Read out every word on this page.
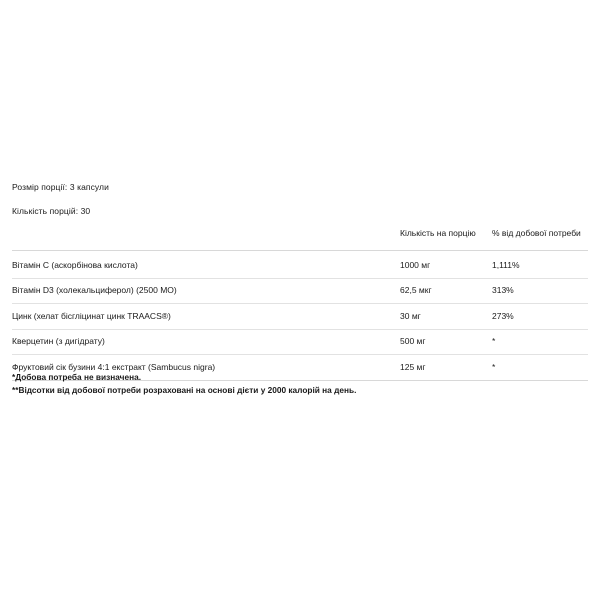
Розмір порції: 3 капсули
Кількість порцій: 30
	Кількість на порцію	% від добової потреби
Вітамін C (аскорбінова кислота)	1000 мг	1,111%
Вітамін D3 (холекальциферол) (2500 МО)	62,5 мкг	313%
Цинк (хелат бісгліцинат цинк TRAACS®)	30 мг	273%
Кверцетин (з дигідрату)	500 мг	*
Фруктовий сік бузини 4:1 екстракт (Sambucus nigra)	125 мг	*
*Добова потреба не визначена.
**Відсотки від добової потреби розраховані на основі дієти у 2000 калорій на день.
